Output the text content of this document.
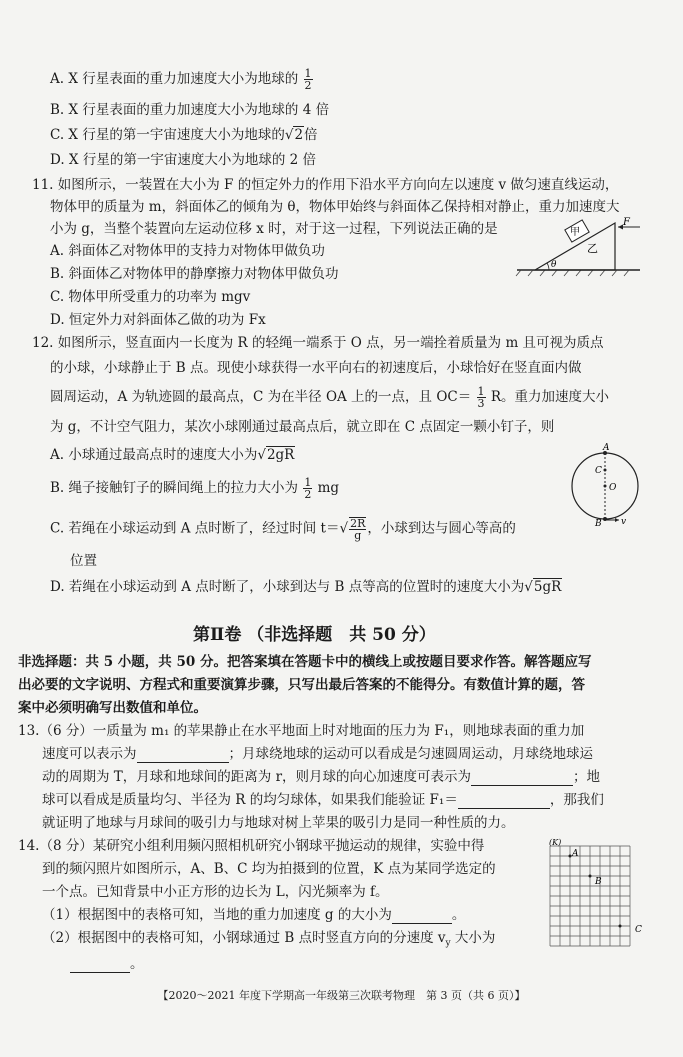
A. X 行星表面的重力加速度大小为地球的 $\frac{1}{2}$
B. X 行星表面的重力加速度大小为地球的 4 倍
C. X 行星的第一宇宙速度大小为地球的√2倍
D. X 行星的第一宇宙速度大小为地球的 2 倍
11. 如图所示，一装置在大小为 F 的恒定外力的作用下沿水平方向向左以速度 v 做匀速直线运动，
物体甲的质量为 m，斜面体乙的倾角为 θ，物体甲始终与斜面体乙保持相对静止，重力加速度大
小为 g，当整个装置向左运动位移 x 时，对于这一过程，下列说法正确的是
A. 斜面体乙对物体甲的支持力对物体甲做负功
B. 斜面体乙对物体甲的静摩擦力对物体甲做负功
C. 物体甲所受重力的功率为 mgv
D. 恒定外力对斜面体乙做的功为 Fx
甲
乙
F
θ
12. 如图所示，竖直面内一长度为 R 的轻绳一端系于 O 点，另一端拴着质量为 m 且可视为质点
的小球，小球静止于 B 点。现使小球获得一水平向右的初速度后，小球恰好在竖直面内做
圆周运动，A 为轨迹圆的最高点，C 为在半径 OA 上的一点，且 $OC= \frac{1}{3}$ R。重力加速度大小
为 g，不计空气阻力，某次小球刚通过最高点后，就立即在 C 点固定一颗小钉子，则
A. 小球通过最高点时的速度大小为√2gR
B. 绳子接触钉子的瞬间绳上的拉力大小为 $\frac{1}{2}$ mg
C. 若绳在小球运动到 A 点时断了，经过时间 $t=√ \frac{2R}{g}$ ，小球到达与圆心等高的
位置
D. 若绳在小球运动到 A 点时断了，小球到达与 B 点等高的位置时的速度大小为√5gR
A
C
O
B v
第Ⅱ卷 （非选择题　共 50 分）
非选择题：共 5 小题，共 50 分。把答案填在答题卡中的横线上或按题目要求作答。解答题应写
出必要的文字说明、方程式和重要演算步骤，只写出最后答案的不能得分。有数值计算的题，答
案中必须明确写出数值和单位。
13.（6 分）一质量为 m₁ 的苹果静止在水平地面上时对地面的压力为 F₁，则地球表面的重力加
速度可以表示为	；月球绕地球的运动可以看成是匀速圆周运动，月球绕地球运
动的周期为 T，月球和地球间的距离为 r，则月球的向心加速度可表示为	；地
球可以看成是质量均匀、半径为 R 的均匀球体，如果我们能验证 F₁＝	，那我们
就证明了地球与月球间的吸引力与地球对树上苹果的吸引力是同一种性质的力。
14.（8 分）某研究小组利用频闪照相机研究小钢球平抛运动的规律，实验中得
到的频闪照片如图所示，A、B、C 均为拍摄到的位置，K 点为某同学选定的
一个点。已知背景中小正方形的边长为 L，闪光频率为 f。
（1）根据图中的表格可知，当地的重力加速度 g 的大小为	。
（2）根据图中的表格可知，小钢球通过 B 点时竖直方向的分速度 $v_y$ 大小为
。
(K)
A
B
C
【2020～2021 年度下学期高一年级第三次联考物理　第 3 页（共 6 页）】
